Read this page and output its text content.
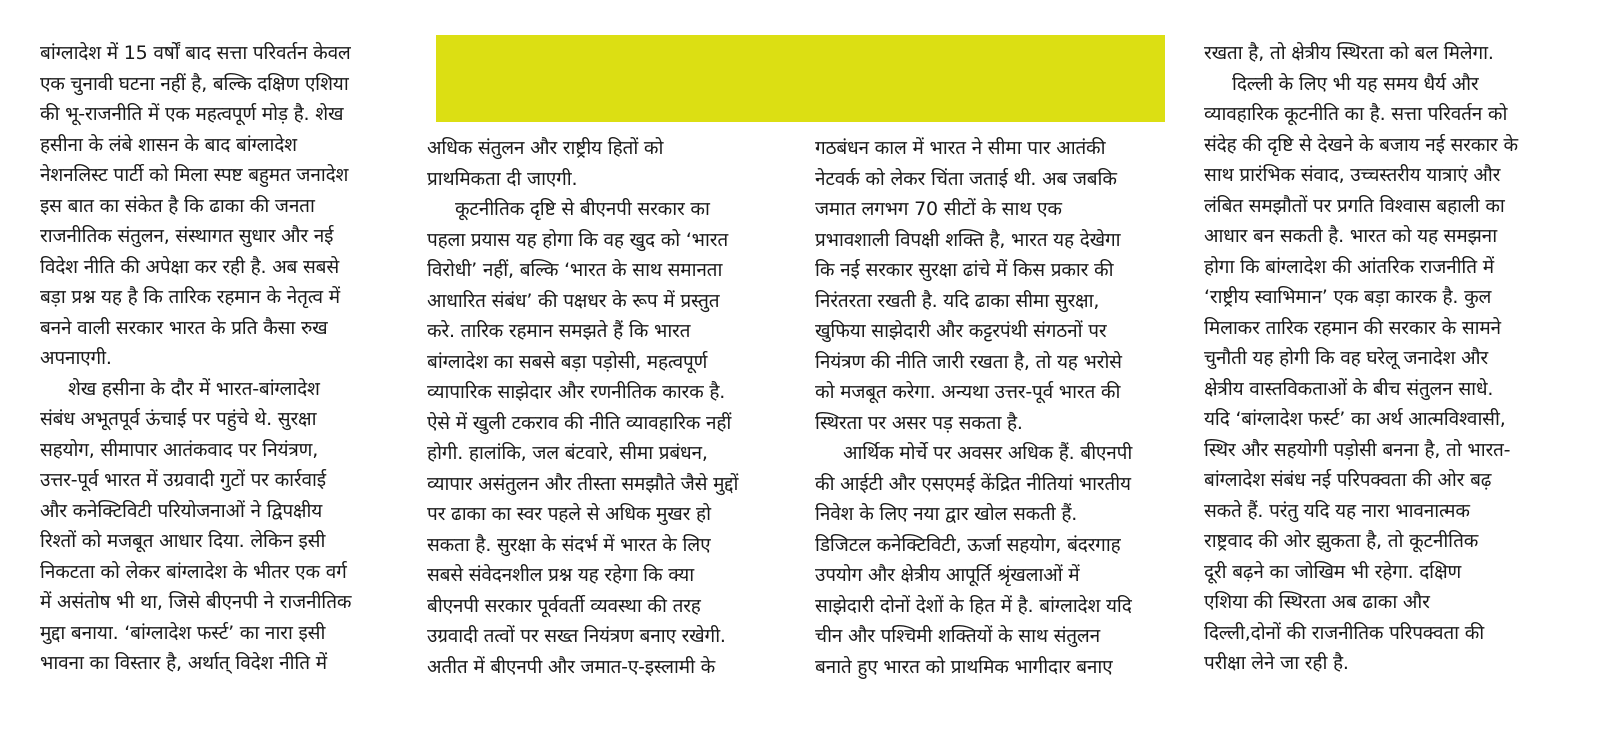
बांग्लादेश में 15 वर्षों बाद सत्ता परिवर्तन केवल
एक चुनावी घटना नहीं है, बल्कि दक्षिण एशिया
की भू-राजनीति में एक महत्वपूर्ण मोड़ है. शेख
हसीना के लंबे शासन के बाद बांग्लादेश
नेशनलिस्ट पार्टी को मिला स्पष्ट बहुमत जनादेश
इस बात का संकेत है कि ढाका की जनता
राजनीतिक संतुलन, संस्थागत सुधार और नई
विदेश नीति की अपेक्षा कर रही है. अब सबसे
बड़ा प्रश्न यह है कि तारिक रहमान के नेतृत्व में
बनने वाली सरकार भारत के प्रति कैसा रुख
अपनाएगी.
शेख हसीना के दौर में भारत-बांग्लादेश
संबंध अभूतपूर्व ऊंचाई पर पहुंचे थे. सुरक्षा
सहयोग, सीमापार आतंकवाद पर नियंत्रण,
उत्तर-पूर्व भारत में उग्रवादी गुटों पर कार्रवाई
और कनेक्टिविटी परियोजनाओं ने द्विपक्षीय
रिश्तों को मजबूत आधार दिया. लेकिन इसी
निकटता को लेकर बांग्लादेश के भीतर एक वर्ग
में असंतोष भी था, जिसे बीएनपी ने राजनीतिक
मुद्दा बनाया. ‘बांग्लादेश फर्स्ट’ का नारा इसी
भावना का विस्तार है, अर्थात् विदेश नीति में
अधिक संतुलन और राष्ट्रीय हितों को
प्राथमिकता दी जाएगी.
कूटनीतिक दृष्टि से बीएनपी सरकार का
पहला प्रयास यह होगा कि वह खुद को ‘भारत
विरोधी’ नहीं, बल्कि ‘भारत के साथ समानता
आधारित संबंध’ की पक्षधर के रूप में प्रस्तुत
करे. तारिक रहमान समझते हैं कि भारत
बांग्लादेश का सबसे बड़ा पड़ोसी, महत्वपूर्ण
व्यापारिक साझेदार और रणनीतिक कारक है.
ऐसे में खुली टकराव की नीति व्यावहारिक नहीं
होगी. हालांकि, जल बंटवारे, सीमा प्रबंधन,
व्यापार असंतुलन और तीस्ता समझौते जैसे मुद्दों
पर ढाका का स्वर पहले से अधिक मुखर हो
सकता है. सुरक्षा के संदर्भ में भारत के लिए
सबसे संवेदनशील प्रश्न यह रहेगा कि क्या
बीएनपी सरकार पूर्ववर्ती व्यवस्था की तरह
उग्रवादी तत्वों पर सख्त नियंत्रण बनाए रखेगी.
अतीत में बीएनपी और जमात-ए-इस्लामी के
गठबंधन काल में भारत ने सीमा पार आतंकी
नेटवर्क को लेकर चिंता जताई थी. अब जबकि
जमात लगभग 70 सीटों के साथ एक
प्रभावशाली विपक्षी शक्ति है, भारत यह देखेगा
कि नई सरकार सुरक्षा ढांचे में किस प्रकार की
निरंतरता रखती है. यदि ढाका सीमा सुरक्षा,
खुफिया साझेदारी और कट्टरपंथी संगठनों पर
नियंत्रण की नीति जारी रखता है, तो यह भरोसे
को मजबूत करेगा. अन्यथा उत्तर-पूर्व भारत की
स्थिरता पर असर पड़ सकता है.
आर्थिक मोर्चे पर अवसर अधिक हैं. बीएनपी
की आईटी और एसएमई केंद्रित नीतियां भारतीय
निवेश के लिए नया द्वार खोल सकती हैं.
डिजिटल कनेक्टिविटी, ऊर्जा सहयोग, बंदरगाह
उपयोग और क्षेत्रीय आपूर्ति श्रृंखलाओं में
साझेदारी दोनों देशों के हित में है. बांग्लादेश यदि
चीन और पश्चिमी शक्तियों के साथ संतुलन
बनाते हुए भारत को प्राथमिक भागीदार बनाए
रखता है, तो क्षेत्रीय स्थिरता को बल मिलेगा.
दिल्ली के लिए भी यह समय धैर्य और
व्यावहारिक कूटनीति का है. सत्ता परिवर्तन को
संदेह की दृष्टि से देखने के बजाय नई सरकार के
साथ प्रारंभिक संवाद, उच्चस्तरीय यात्राएं और
लंबित समझौतों पर प्रगति विश्वास बहाली का
आधार बन सकती है. भारत को यह समझना
होगा कि बांग्लादेश की आंतरिक राजनीति में
‘राष्ट्रीय स्वाभिमान’ एक बड़ा कारक है. कुल
मिलाकर तारिक रहमान की सरकार के सामने
चुनौती यह होगी कि वह घरेलू जनादेश और
क्षेत्रीय वास्तविकताओं के बीच संतुलन साधे.
यदि ‘बांग्लादेश फर्स्ट’ का अर्थ आत्मविश्वासी,
स्थिर और सहयोगी पड़ोसी बनना है, तो भारत-
बांग्लादेश संबंध नई परिपक्वता की ओर बढ़
सकते हैं. परंतु यदि यह नारा भावनात्मक
राष्ट्रवाद की ओर झुकता है, तो कूटनीतिक
दूरी बढ़ने का जोखिम भी रहेगा. दक्षिण
एशिया की स्थिरता अब ढाका और
दिल्ली,दोनों की राजनीतिक परिपक्वता की
परीक्षा लेने जा रही है.
